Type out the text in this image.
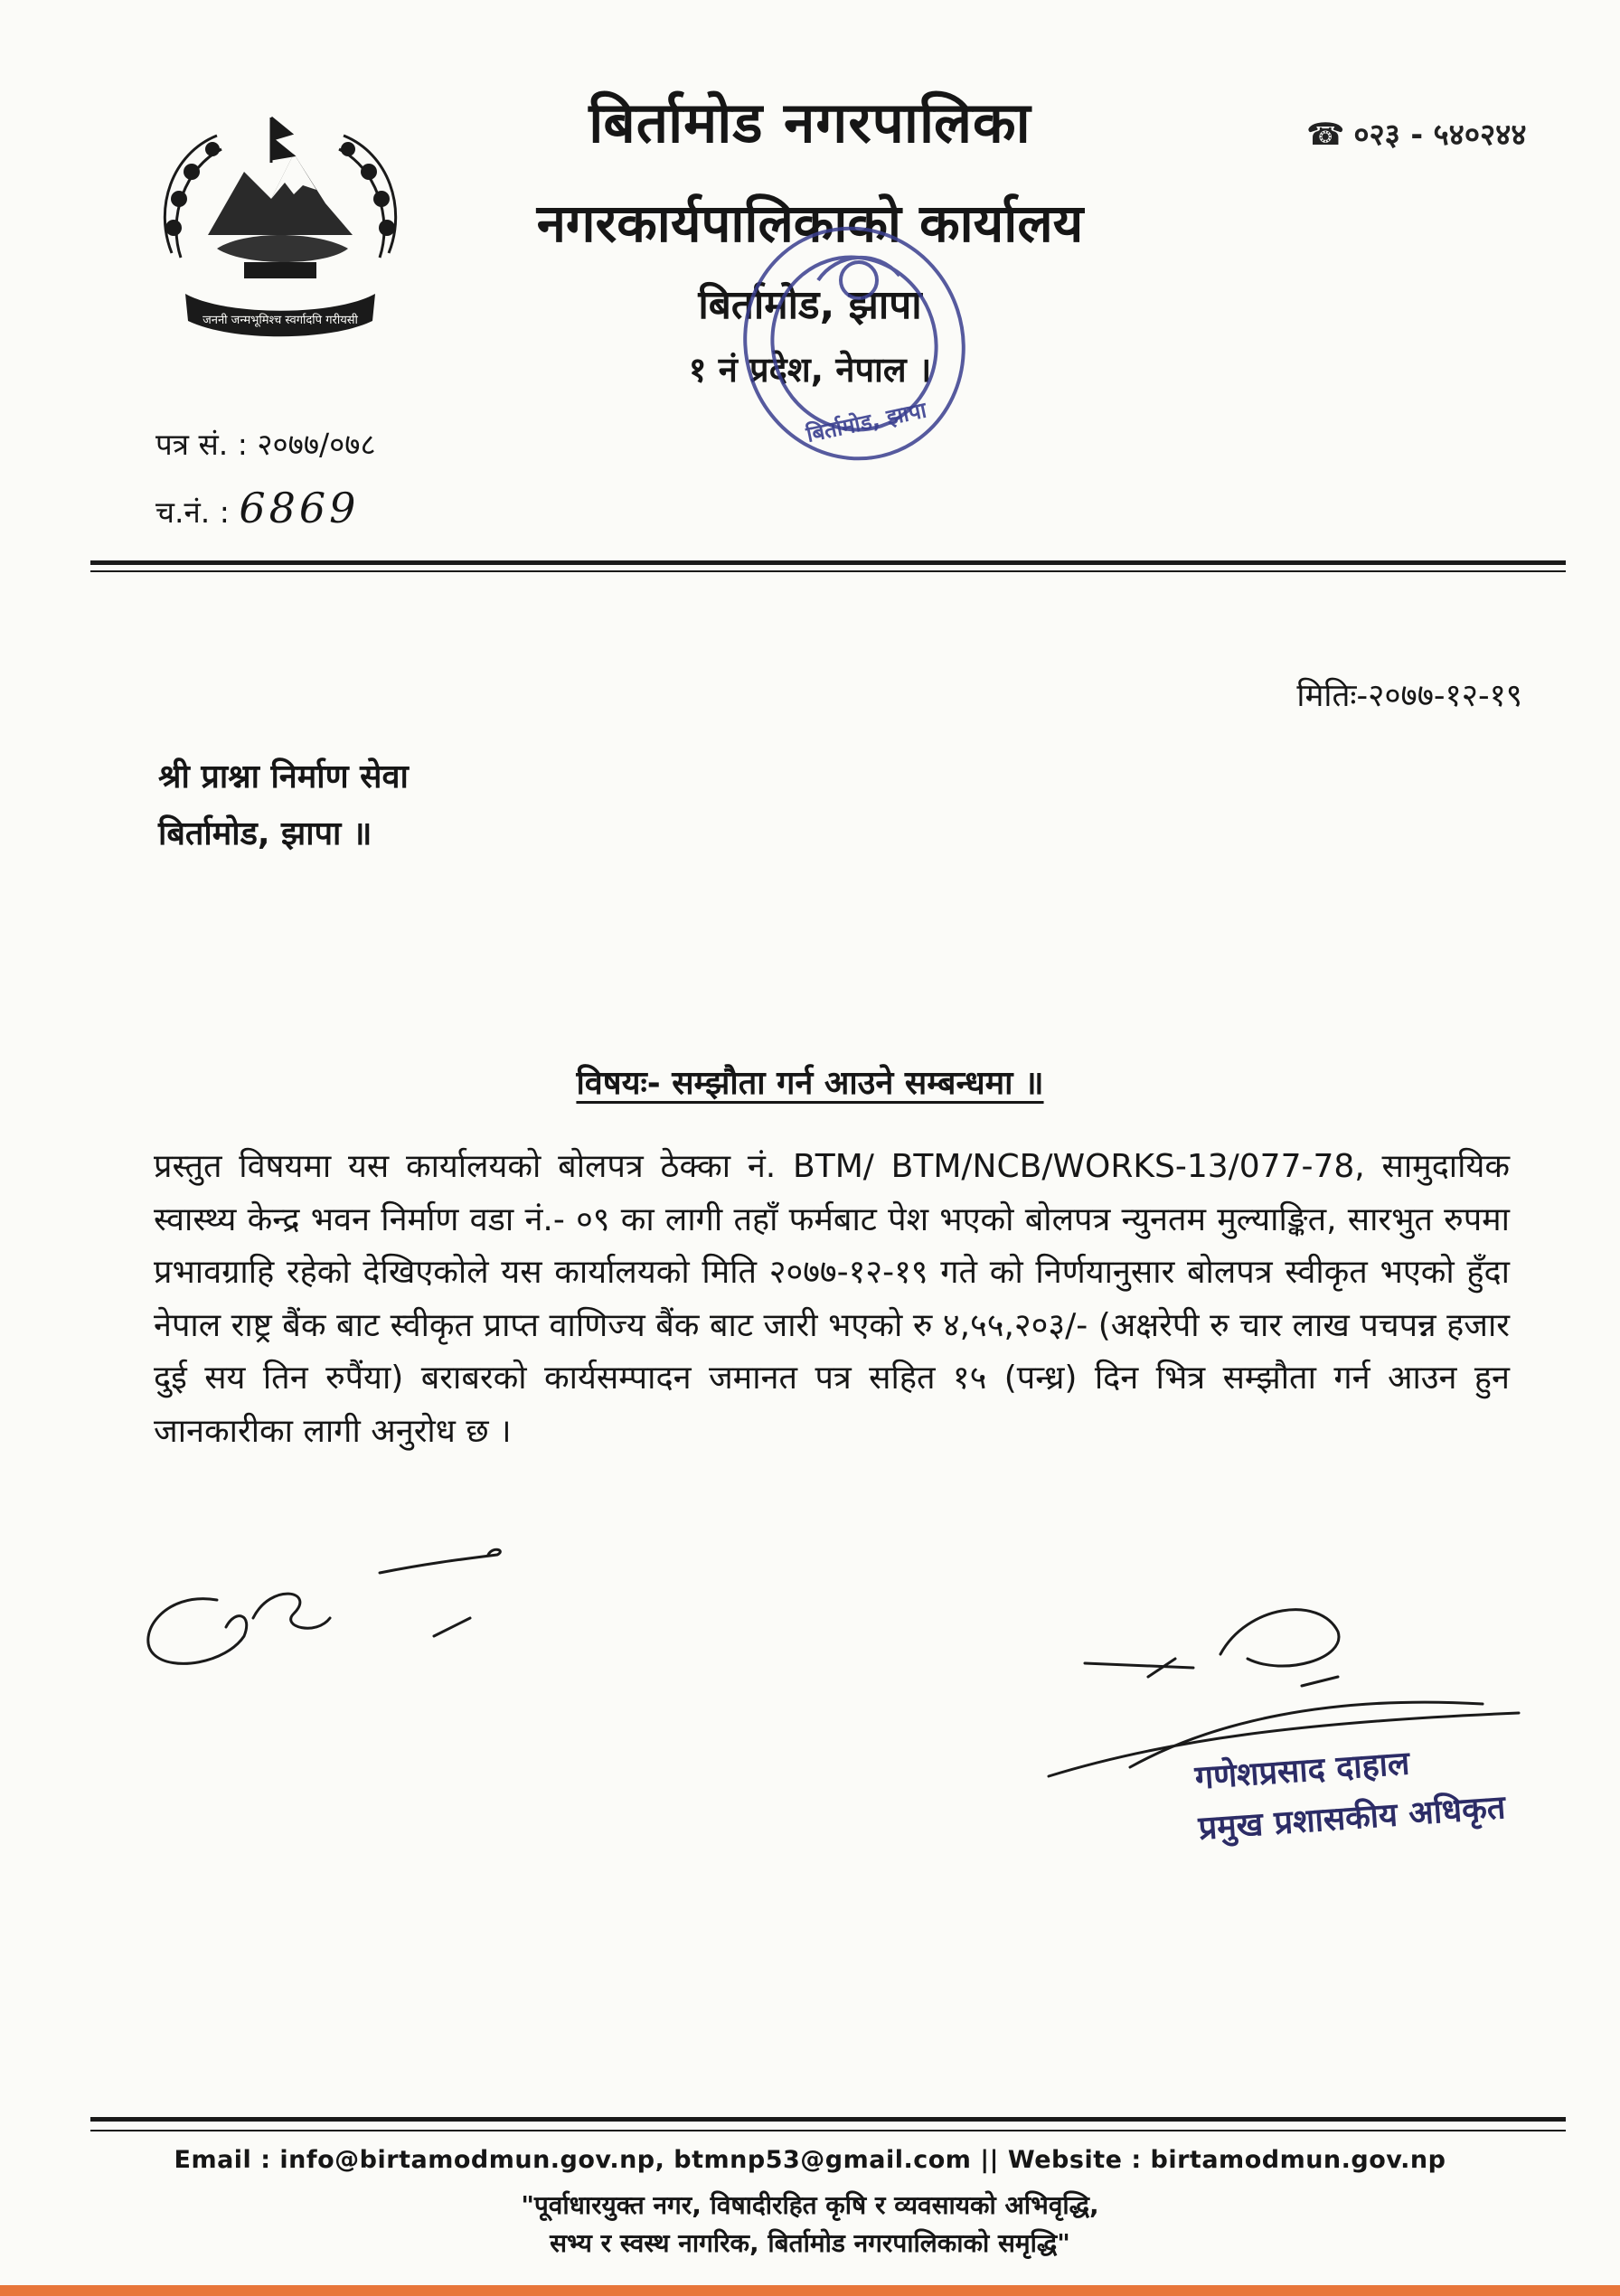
जननी जन्मभूमिश्च स्वर्गादपि गरीयसी
बिर्तामोड नगरपालिका
नगरकार्यपालिकाको कार्यालय
बिर्तामोड, झापा
१ नं प्रदेश, नेपाल ।
☎ ०२३ - ५४०२४४
बिर्तामोड, झापा
पत्र सं. : २०७७/०७८
च.नं. : 6869
मितिः-२०७७-१२-१९
श्री प्राश्ना निर्माण सेवा
बिर्तामोड, झापा ॥
विषयः- सम्झौता गर्न आउने सम्बन्धमा ॥
प्रस्तुत विषयमा यस कार्यालयको बोलपत्र ठेक्का नं. BTM/ BTM/NCB/WORKS-13/077-78, सामुदायिक स्वास्थ्य केन्द्र भवन निर्माण वडा नं.- ०९ का लागी तहाँ फर्मबाट पेश भएको बोलपत्र न्युनतम मुल्याङ्कित, सारभुत रुपमा प्रभावग्राहि रहेको देखिएकोले यस कार्यालयको मिति २०७७-१२-१९ गते को निर्णयानुसार बोलपत्र स्वीकृत भएको हुँदा नेपाल राष्ट्र बैंक बाट स्वीकृत प्राप्त वाणिज्य बैंक बाट जारी भएको रु ४,५५,२०३/- (अक्षरेपी रु चार लाख पचपन्न हजार दुई सय तिन रुपैंया) बराबरको कार्यसम्पादन जमानत पत्र सहित १५ (पन्ध्र) दिन भित्र सम्झौता गर्न आउन हुन जानकारीका लागी अनुरोध छ ।
गणेशप्रसाद दाहाल
प्रमुख प्रशासकीय अधिकृत
Email : info@birtamodmun.gov.np, btmnp53@gmail.com || Website : birtamodmun.gov.np
"पूर्वाधारयुक्त नगर, विषादीरहित कृषि र व्यवसायको अभिवृद्धि,
सभ्य र स्वस्थ नागरिक, बिर्तामोड नगरपालिकाको समृद्धि"
